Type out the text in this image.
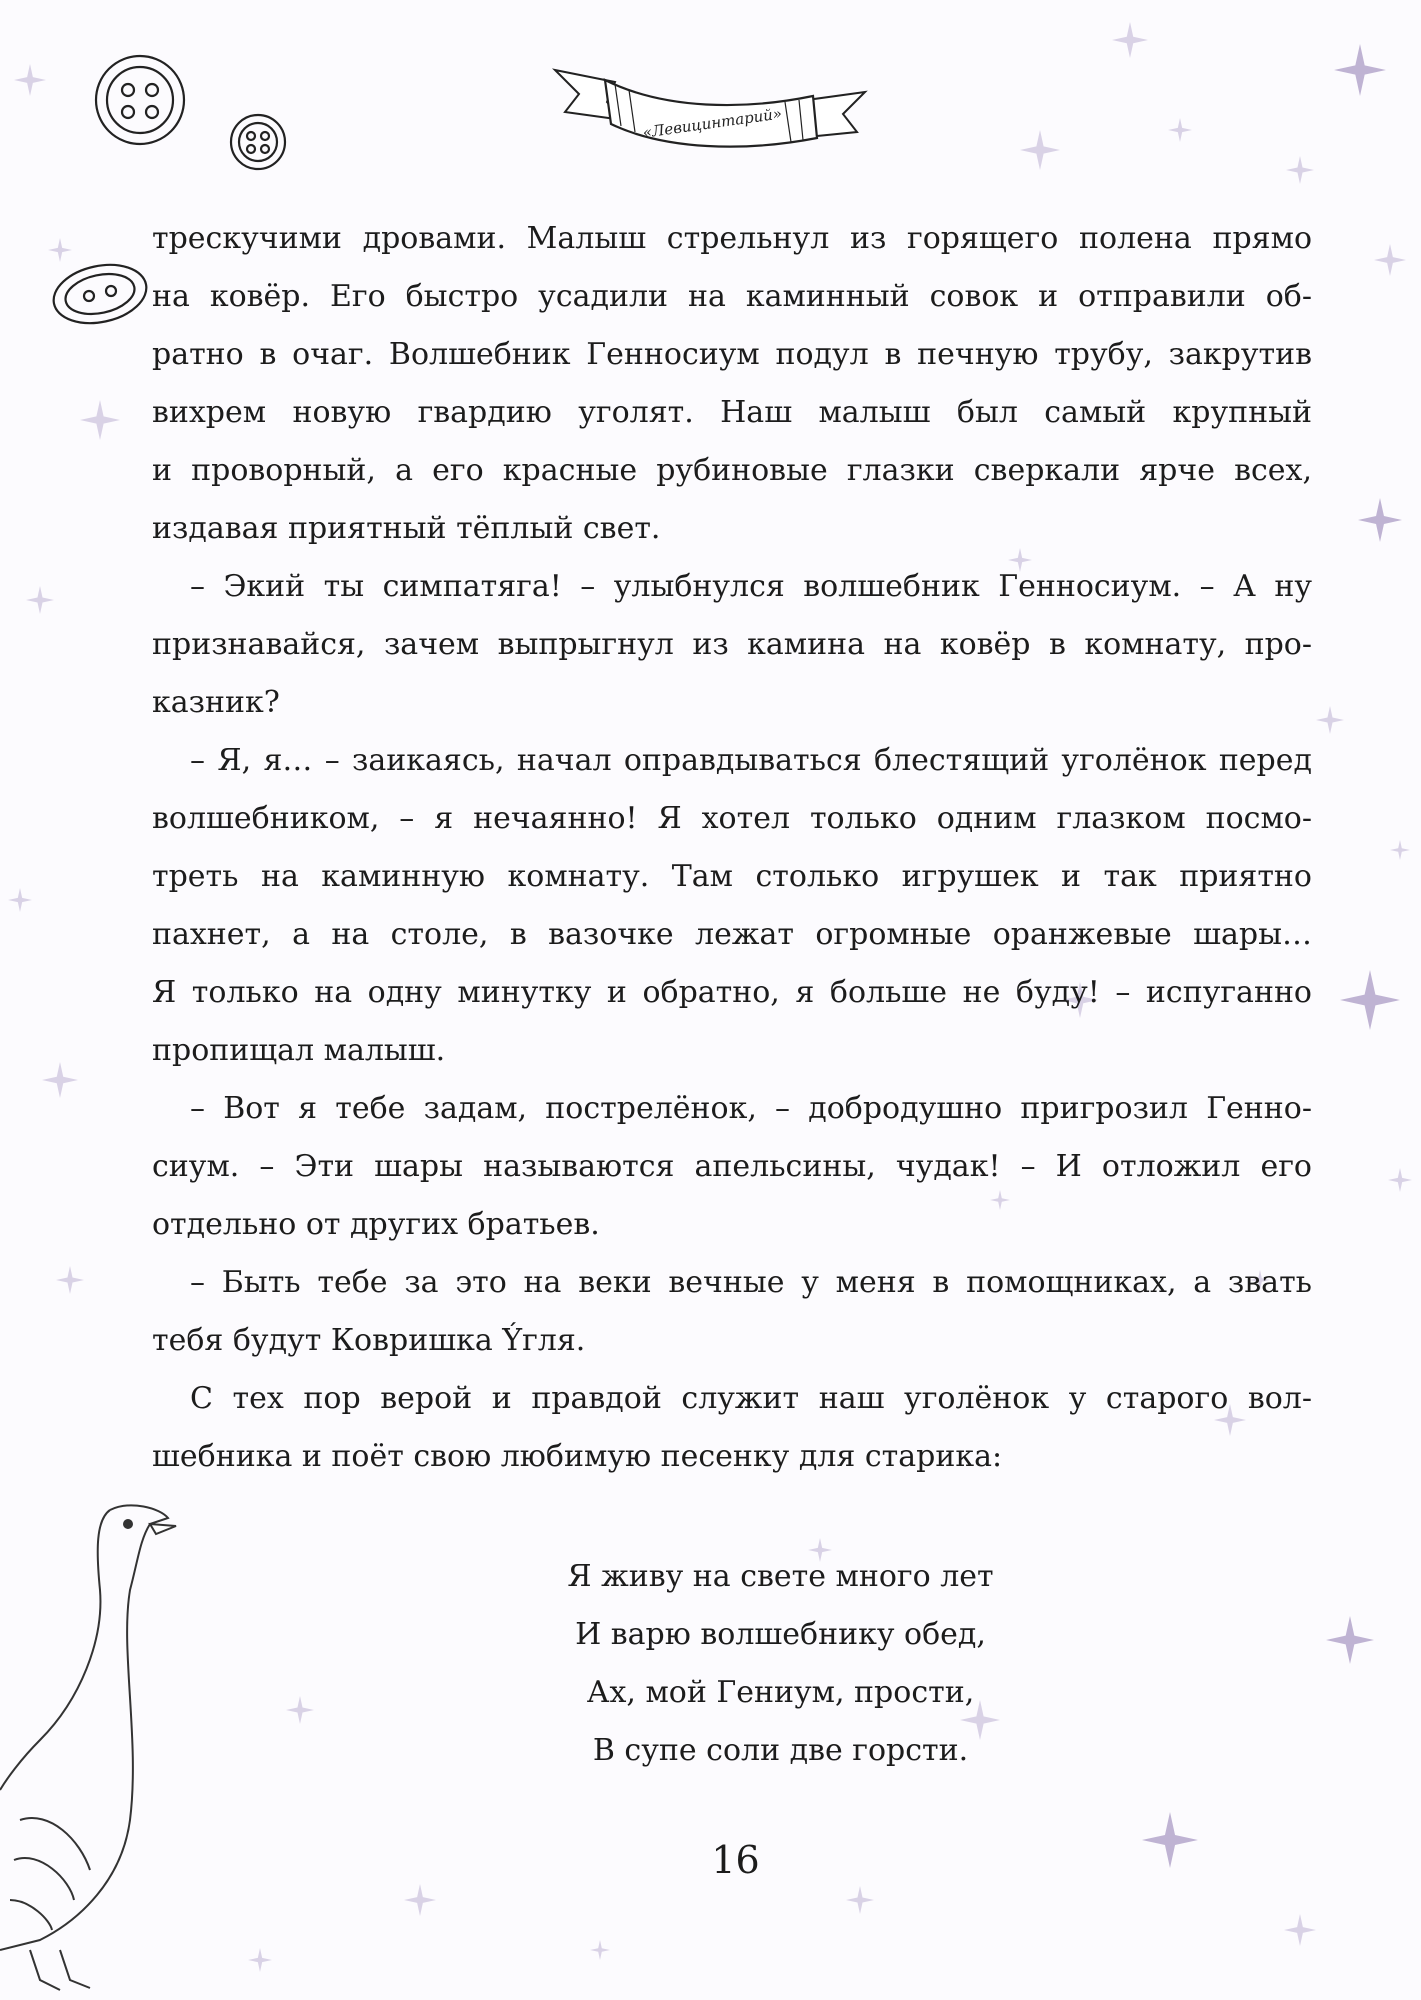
«Левицинтарий»
трескучими дровами. Малыш стрельнул из горящего полена прямо
на ковёр. Его быстро усадили на каминный совок и отправили об-
ратно в очаг. Волшебник Генносиум подул в печную трубу, закрутив
вихрем новую гвардию уголят. Наш малыш был самый крупный
и проворный, а его красные рубиновые глазки сверкали ярче всех,
издавая приятный тёплый свет.
– Экий ты симпатяга! – улыбнулся волшебник Генносиум. – А ну
признавайся, зачем выпрыгнул из камина на ковёр в комнату, про-
казник?
– Я, я… – заикаясь, начал оправдываться блестящий уголёнок перед
волшебником, – я нечаянно! Я хотел только одним глазком посмо-
треть на каминную комнату. Там столько игрушек и так приятно
пахнет, а на столе, в вазочке лежат огромные оранжевые шары…
Я только на одну минутку и обратно, я больше не буду! – испуганно
пропищал малыш.
– Вот я тебе задам, пострелёнок, – добродушно пригрозил Генно-
сиум. – Эти шары называются апельсины, чудак! – И отложил его
отдельно от других братьев.
– Быть тебе за это на веки вечные у меня в помощниках, а звать
тебя будут Ковришка Ýгля.
С тех пор верой и правдой служит наш уголёнок у старого вол-
шебника и поёт свою любимую песенку для старика:
Я живу на свете много лет
И варю волшебнику обед,
Ах, мой Гениум, прости,
В супе соли две горсти.
16
